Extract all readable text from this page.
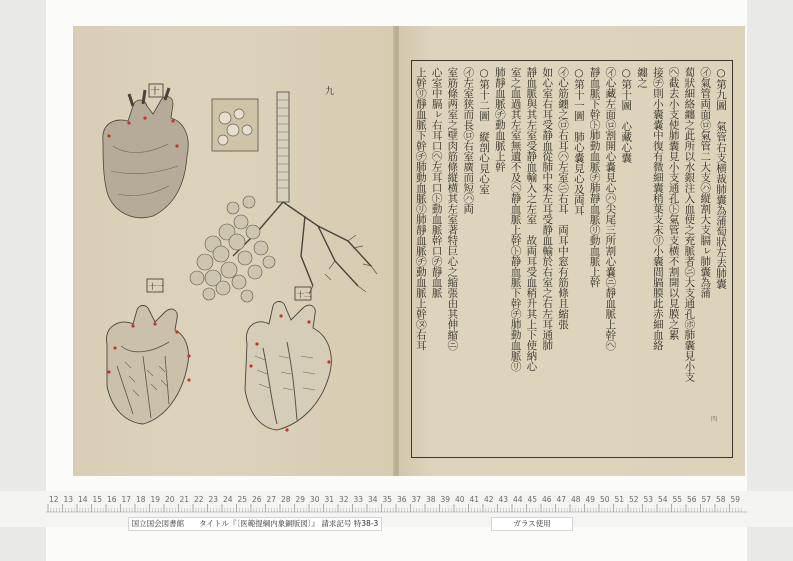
十	九
十一
十二
○第九圖　氣管右支横裁肺囊為蒲萄狀左去肺囊
㋑氣管両面㋺氣管二大支㋩縦割大支膈ㇾ肺囊為蒲
蔔狀細絡纏之此所以水銀注入血使之充脈者㋥大支通孔㋭肺囊見小支
㋬截去小支使肺囊見小支通孔㋣氣管支横不割開以見膜之累
接㋠則小囊嚢中復有微細囊稍葉支末㋷小囊間膈膜此赤細血絡
纏之
○第十圖　心藏心囊
㋑心藏左面㋺割開心嚢見心㋩尖尾三所割心嚢㋥靜血脈上幹㋬
靜血脈下幹㋣肺動血脈㋠肺靜血脈㋷動血脈上幹
○第十一圖　肺心嚢見心及両耳
㋑心筋纏之㋺右耳㋩左室㋥右耳　両耳中窓有筋條且縮張
如心室右耳受静血從肺中來左耳受静血輸於右室之右左耳通肺
靜血脈與其左室受静血輸入之左室　故両耳受血稍升其上下使納心
室之血過其左室無遺不及㋬静血脈上幹㋣静血脈下幹㋠肺動血脈㋷
肺靜血脈㋠動血脈上幹
○第十二圖　縦剖心見心室
㋑左室狭而長㋺右室廣而短㋩両
室筋條两室之壁肉筋條縦横其左室著特巨心之縮張由其伸縮㋥
心室中膈ㇾ右耳口㋬左耳口㋣動血脈幹口㋠靜血脈
上幹㋷靜血脈下幹㋠肺動血脈㋷肺靜血脈㋠動血脈上幹㋦右耳
四
12 13 14 15 16 17 18 19 20 21 22 23 24 25 26 27 28 29 30 31 32 33 34 35 36 37 38 39 40 41 42 43 44 45 46 47 48 49 50 51 52 53 54 55 56 57 58 59
国立国会図書館　　タイトル『〔医範提綱内象銅版図〕』 請求記号 特38-3	ガラス使用
